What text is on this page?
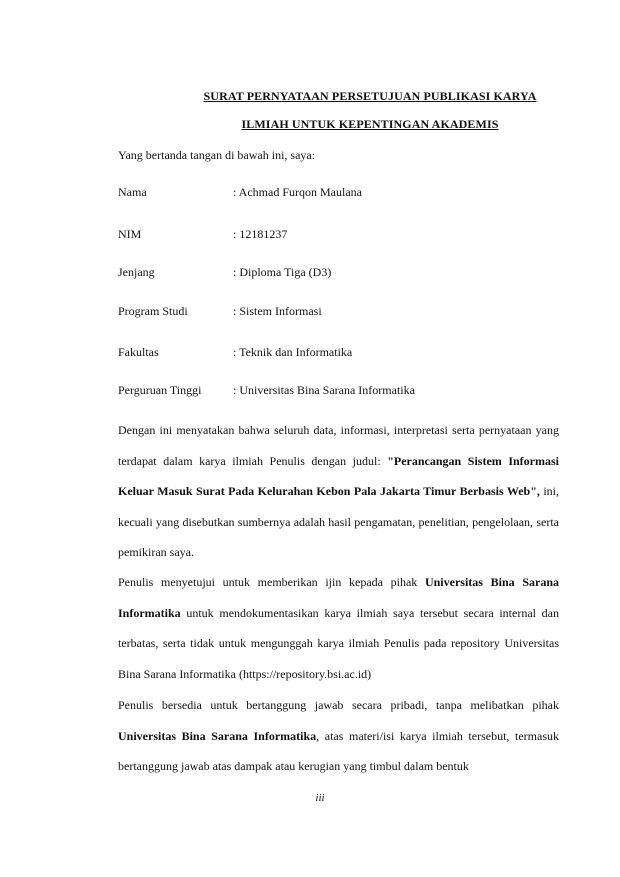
SURAT PERNYATAAN PERSETUJUAN PUBLIKASI KARYA
ILMIAH UNTUK KEPENTINGAN AKADEMIS
Yang bertanda tangan di bawah ini, saya:
Nama	: Achmad Furqon Maulana
NIM	: 12181237
Jenjang	: Diploma Tiga (D3)
Program Studi	: Sistem Informasi
Fakultas	: Teknik dan Informatika
Perguruan Tinggi	: Universitas Bina Sarana Informatika
Dengan ini menyatakan bahwa seluruh data, informasi, interpretasi serta pernyataan yang terdapat dalam karya ilmiah Penulis dengan judul: "Perancangan Sistem Informasi Keluar Masuk Surat Pada Kelurahan Kebon Pala Jakarta Timur Berbasis Web", ini, kecuali yang disebutkan sumbernya adalah hasil pengamatan, penelitian, pengelolaan, serta pemikiran saya.
Penulis menyetujui untuk memberikan ijin kepada pihak Universitas Bina Sarana Informatika untuk mendokumentasikan karya ilmiah saya tersebut secara internal dan terbatas, serta tidak untuk mengunggah karya ilmiah Penulis pada repository Universitas Bina Sarana Informatika (https://repository.bsi.ac.id)
Penulis bersedia untuk bertanggung jawab secara pribadi, tanpa melibatkan pihak Universitas Bina Sarana Informatika, atas materi/isi karya ilmiah tersebut, termasuk bertanggung jawab atas dampak atau kerugian yang timbul dalam bentuk
iii
